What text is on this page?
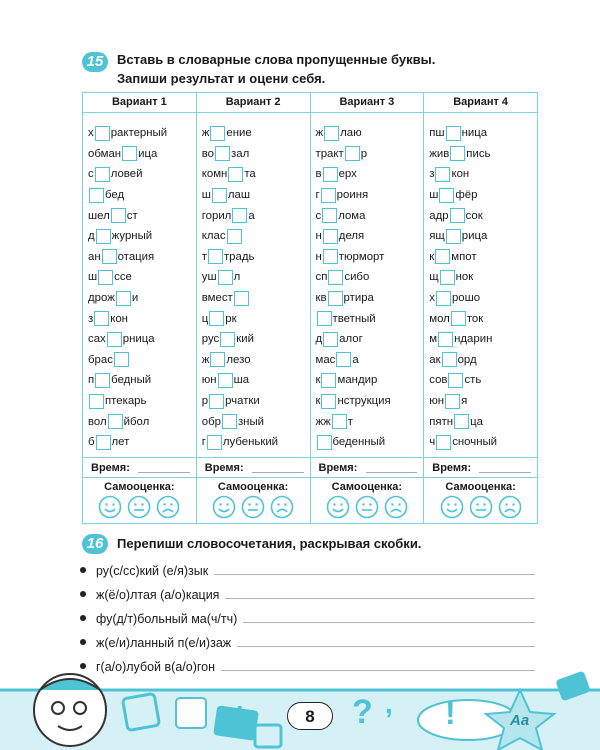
15	Вставь в словарные слова пропущенные буквы.
Запиши результат и оцени себя.
Вариант 1
х рактерный
обман ица
с ловей
бед
шел ст
д журный
ан отация
ш ссе
дрож и
з кон
сах рница
брас
п бедный
птекарь
вол йбол
б лет
Время:
Самооценка:
Вариант 2
ж ение
во зал
комн та
ш лаш
горил а
клас
т традь
уш л
вмест
ц рк
рус кий
ж лезо
юн ша
р рчатки
обр зный
г лубенький
Время:
Самооценка:
Вариант 3
ж лаю
тракт р
в ерх
г роиня
с лома
н деля
н тюрморт
сп сибо
кв ртира
тветный
д алог
мас а
к мандир
к нструкция
жж т
беденный
Время:
Самооценка:
Вариант 4
пш ница
жив пись
з кон
ш фёр
адр сок
ящ рица
к мпот
щ нок
х рошо
мол ток
м ндарин
ак орд
сов сть
юн я
пятн ца
ч сночный
Время:
Самооценка:
16	Перепиши словосочетания, раскрывая скобки.
ру(с/сс)кий (е/я)зык
ж(ё/о)лтая (а/о)кация
фу(д/т)больный ма(ч/тч)
ж(е/и)ланный п(е/и)заж
г(а/о)лубой в(а/о)гон
;	? , !	Aa
8
